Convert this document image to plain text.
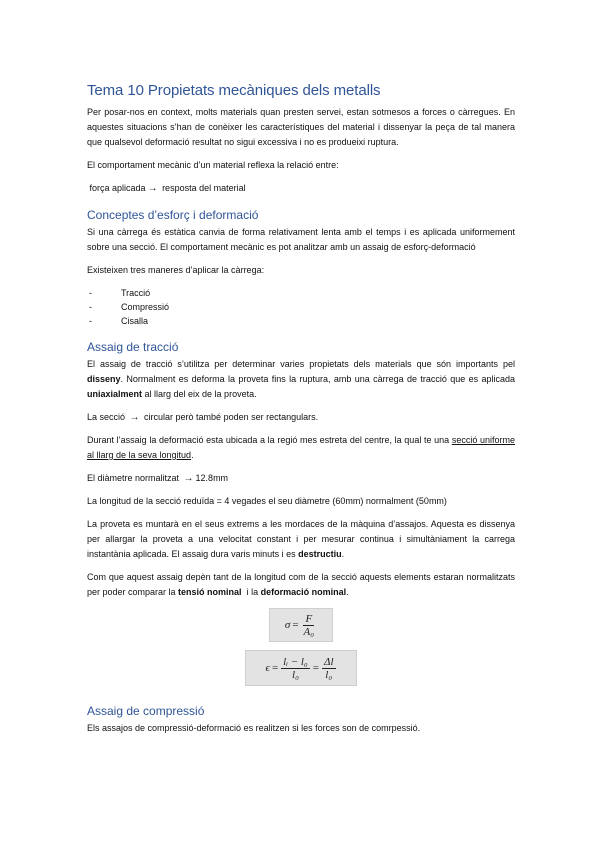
Tema 10 Propietats mecàniques dels metalls

Per posar-nos en context, molts materials quan presten servei, estan sotmesos a forces o càrregues. En aquestes situacions s’han de conèixer les característiques del material i dissenyar la peça de tal manera que qualsevol deformació resultat no sigui excessiva i no es produeixi ruptura.

El comportament mecànic d’un material reflexa la relació entre:

força aplicada → resposta del material

Conceptes d’esforç i deformació

Si una càrrega és estàtica canvia de forma relativament lenta amb el temps i es aplicada uniformement sobre una secció. El comportament mecànic es pot analitzar amb un assaig de esforç-deformació

Existeixen tres maneres d’aplicar la càrrega:

-	Tracció
-	Compressió
-	Cisalla
Assaig de tracció

El assaig de tracció s’utilitza per determinar varies propietats dels materials que són importants pel disseny. Normalment es deforma la proveta fins la ruptura, amb una càrrega de tracció que es aplicada uniaxialment al llarg del eix de la proveta.

La secció → circular però també poden ser rectangulars.

Durant l’assaig la deformació esta ubicada a la regió mes estreta del centre, la qual te una secció uniforme al llarg de la seva longitud.

El diàmetre normalitzat → 12.8mm

La longitud de la secció reduïda = 4 vegades el seu diàmetre (60mm) normalment (50mm)

La proveta es muntarà en el seus extrems a les mordaces de la màquina d’assajos. Aquesta es dissenya per allargar la proveta a una velocitat constant i per mesurar continua i simultàniament la carrega instantània aplicada. El assaig dura varis minuts i es destructiu.

Com que aquest assaig depèn tant de la longitud com de la secció aquests elements estaran normalitzats per poder comparar la tensió nominal  i la deformació nominal.

$\sigma = \frac{F}{\text{A₀}}$
$\epsilon = \frac{\text{lᵢ − l₀}}{\text{l₀}} = \frac{\Delta l}{\text{l₀}}$
Assaig de compressió

Els assajos de compressió-deformació es realitzen si les forces son de comrpessió.
